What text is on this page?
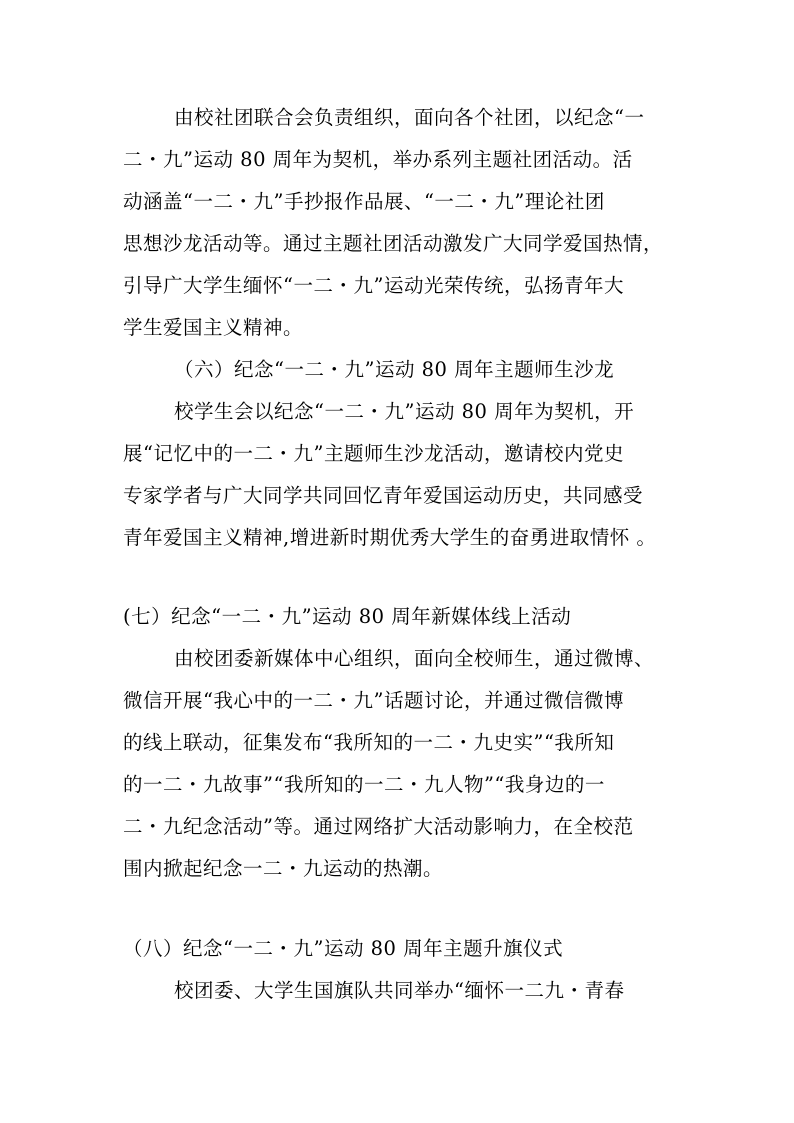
由校社团联合会负责组织，面向各个社团，以纪念“一
二・九”运动 80 周年为契机，举办系列主题社团活动。活
动涵盖“一二・九”手抄报作品展、“一二・九”理论社团
思想沙龙活动等。通过主题社团活动激发广大同学爱国热情，
引导广大学生缅怀“一二・九”运动光荣传统，弘扬青年大
学生爱国主义精神。
（六）纪念“一二・九”运动 80 周年主题师生沙龙
校学生会以纪念“一二・九”运动 80 周年为契机，开
展“记忆中的一二・九”主题师生沙龙活动，邀请校内党史
专家学者与广大同学共同回忆青年爱国运动历史，共同感受
青年爱国主义精神,增进新时期优秀大学生的奋勇进取情怀 。
(七）纪念“一二・九”运动 80 周年新媒体线上活动
由校团委新媒体中心组织，面向全校师生，通过微博、
微信开展“我心中的一二・九”话题讨论，并通过微信微博
的线上联动，征集发布“我所知的一二・九史实”“我所知
的一二・九故事”“我所知的一二・九人物”“我身边的一
二・九纪念活动”等。通过网络扩大活动影响力，在全校范
围内掀起纪念一二・九运动的热潮。
（八）纪念“一二・九”运动 80 周年主题升旗仪式
校团委、大学生国旗队共同举办“缅怀一二九・青春
